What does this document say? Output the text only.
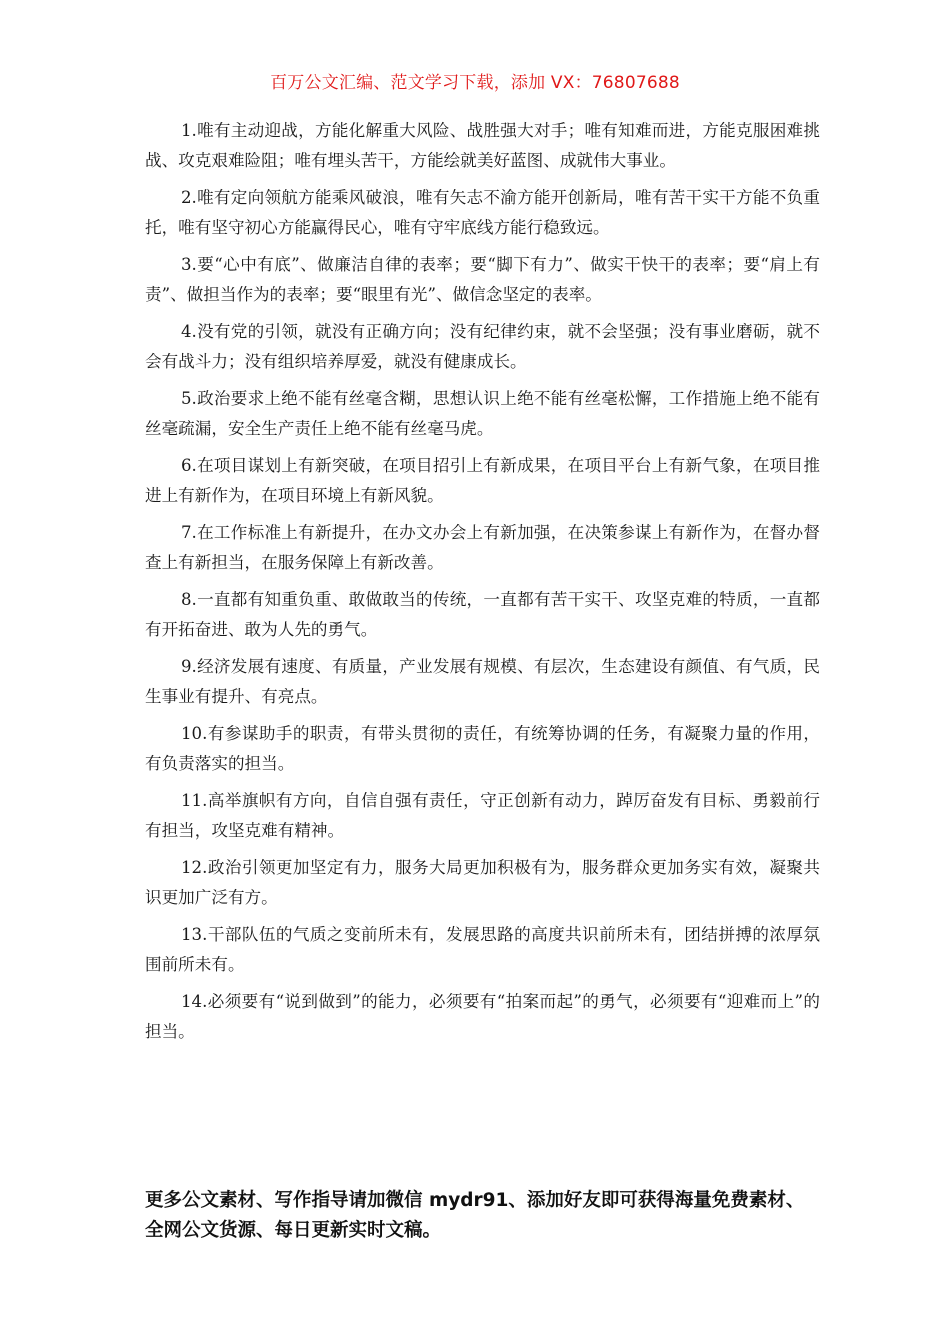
百万公文汇编、范文学习下载，添加 VX：76807688

1.唯有主动迎战，方能化解重大风险、战胜强大对手；唯有知难而进，方能克服困难挑战、攻克艰难险阻；唯有埋头苦干，方能绘就美好蓝图、成就伟大事业。

2.唯有定向领航方能乘风破浪，唯有矢志不渝方能开创新局，唯有苦干实干方能不负重托，唯有坚守初心方能赢得民心，唯有守牢底线方能行稳致远。

3.要“心中有底”、做廉洁自律的表率；要“脚下有力”、做实干快干的表率；要“肩上有责”、做担当作为的表率；要“眼里有光”、做信念坚定的表率。

4.没有党的引领，就没有正确方向；没有纪律约束，就不会坚强；没有事业磨砺，就不会有战斗力；没有组织培养厚爱，就没有健康成长。

5.政治要求上绝不能有丝毫含糊，思想认识上绝不能有丝毫松懈，工作措施上绝不能有丝毫疏漏，安全生产责任上绝不能有丝毫马虎。

6.在项目谋划上有新突破，在项目招引上有新成果，在项目平台上有新气象，在项目推进上有新作为，在项目环境上有新风貌。

7.在工作标准上有新提升，在办文办会上有新加强，在决策参谋上有新作为，在督办督查上有新担当，在服务保障上有新改善。

8.一直都有知重负重、敢做敢当的传统，一直都有苦干实干、攻坚克难的特质，一直都有开拓奋进、敢为人先的勇气。

9.经济发展有速度、有质量，产业发展有规模、有层次，生态建设有颜值、有气质，民生事业有提升、有亮点。

10.有参谋助手的职责，有带头贯彻的责任，有统筹协调的任务，有凝聚力量的作用，有负责落实的担当。

11.高举旗帜有方向，自信自强有责任，守正创新有动力，踔厉奋发有目标、勇毅前行有担当，攻坚克难有精神。

12.政治引领更加坚定有力，服务大局更加积极有为，服务群众更加务实有效，凝聚共识更加广泛有方。

13.干部队伍的气质之变前所未有，发展思路的高度共识前所未有，团结拼搏的浓厚氛围前所未有。

14.必须要有“说到做到”的能力，必须要有“拍案而起”的勇气，必须要有“迎难而上”的担当。

更多公文素材、写作指导请加微信 mydr91、添加好友即可获得海量免费素材、全网公文货源、每日更新实时文稿。
